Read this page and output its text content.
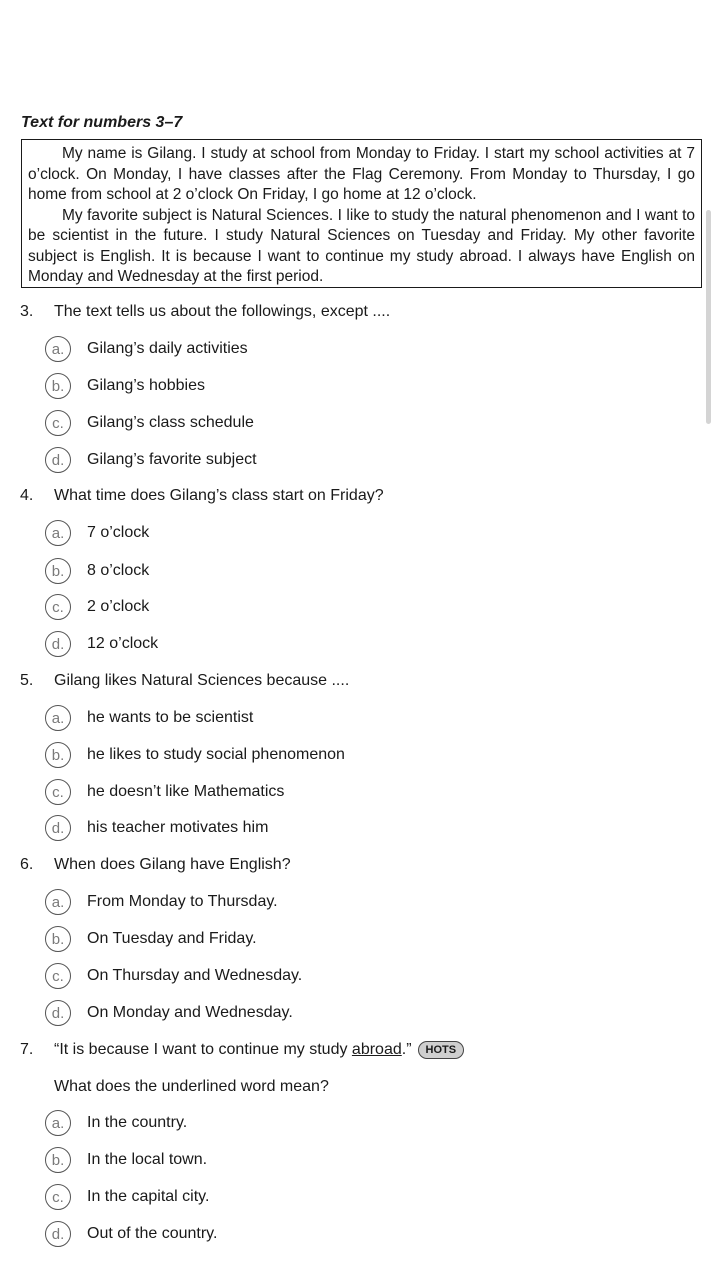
Text for numbers 3–7

My name is Gilang. I study at school from Monday to Friday. I start my school activities at 7 o’clock. On Monday, I have classes after the Flag Ceremony. From Monday to Thursday, I go home from school at 2 o’clock On Friday, I go home at 12 o’clock.

My favorite subject is Natural Sciences. I like to study the natural phenomenon and I want to be scientist in the future. I study Natural Sciences on Tuesday and Friday. My other favorite subject is English. It is because I want to continue my study abroad. I always have English on Monday and Wednesday at the first period.

3.	The text tells us about the followings, except ....
a.	Gilang’s daily activities
b.	Gilang’s hobbies
c.	Gilang’s class schedule
d.	Gilang’s favorite subject
4.	What time does Gilang’s class start on Friday?
a.	7 o’clock
b.	8 o’clock
c.	2 o’clock
d.	12 o’clock
5.	Gilang likes Natural Sciences because ....
a.	he wants to be scientist
b.	he likes to study social phenomenon
c.	he doesn’t like Mathematics
d.	his teacher motivates him
6.	When does Gilang have English?
a.	From Monday to Thursday.
b.	On Tuesday and Friday.
c.	On Thursday and Wednesday.
d.	On Monday and Wednesday.
7.	“It is because I want to continue my study abroad.” HOTS
What does the underlined word mean?
a.	In the country.
b.	In the local town.
c.	In the capital city.
d.	Out of the country.
